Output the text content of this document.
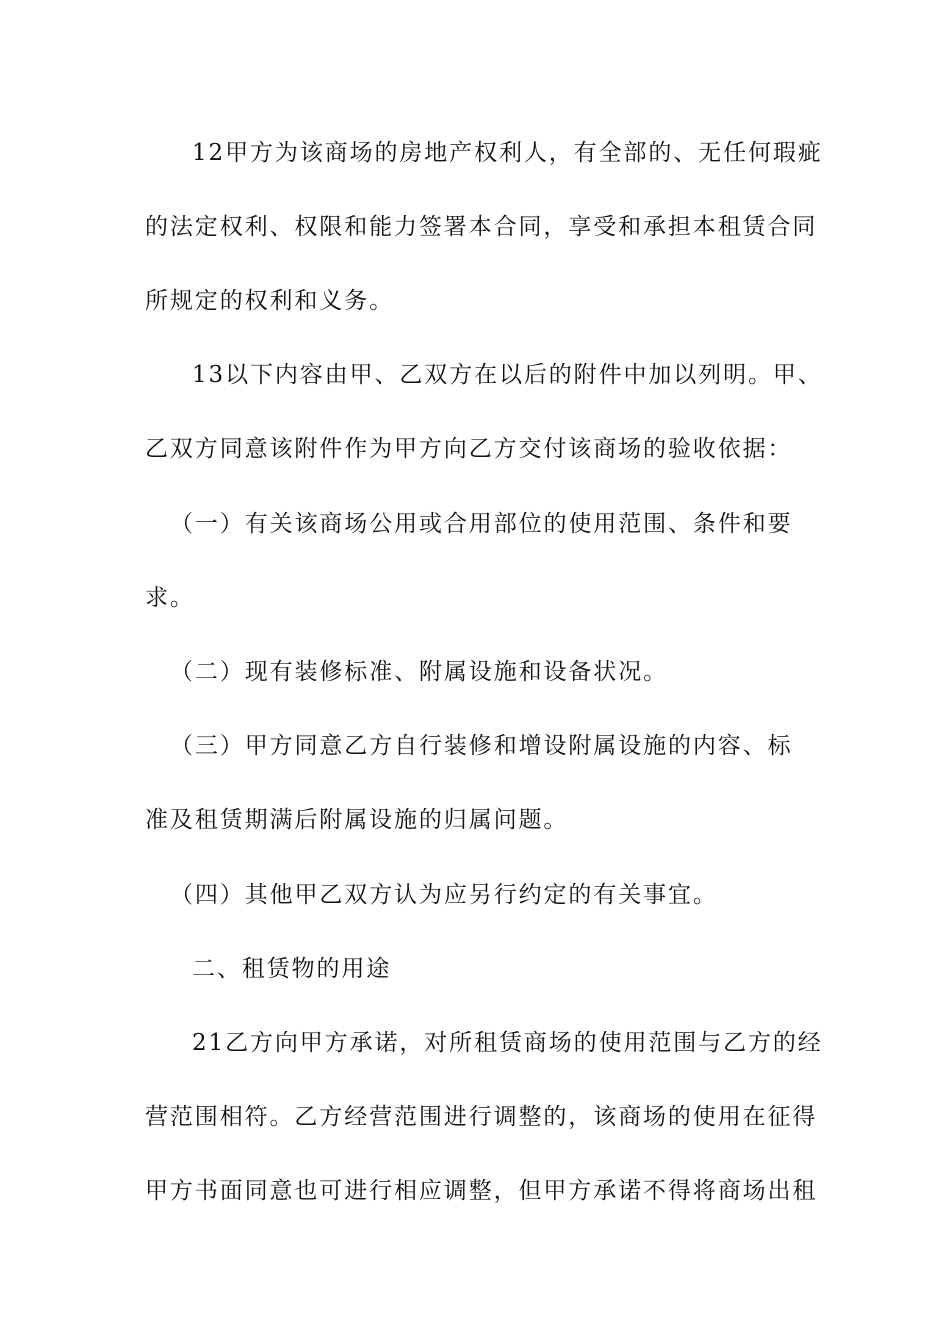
12甲方为该商场的房地产权利人，有全部的、无任何瑕疵
的法定权利、权限和能力签署本合同，享受和承担本租赁合同
所规定的权利和义务。
13以下内容由甲、乙双方在以后的附件中加以列明。甲、
乙双方同意该附件作为甲方向乙方交付该商场的验收依据：
（一）有关该商场公用或合用部位的使用范围、条件和要
求。
（二）现有装修标准、附属设施和设备状况。
（三）甲方同意乙方自行装修和增设附属设施的内容、标
准及租赁期满后附属设施的归属问题。
（四）其他甲乙双方认为应另行约定的有关事宜。
二、租赁物的用途
21乙方向甲方承诺，对所租赁商场的使用范围与乙方的经
营范围相符。乙方经营范围进行调整的，该商场的使用在征得
甲方书面同意也可进行相应调整，但甲方承诺不得将商场出租
